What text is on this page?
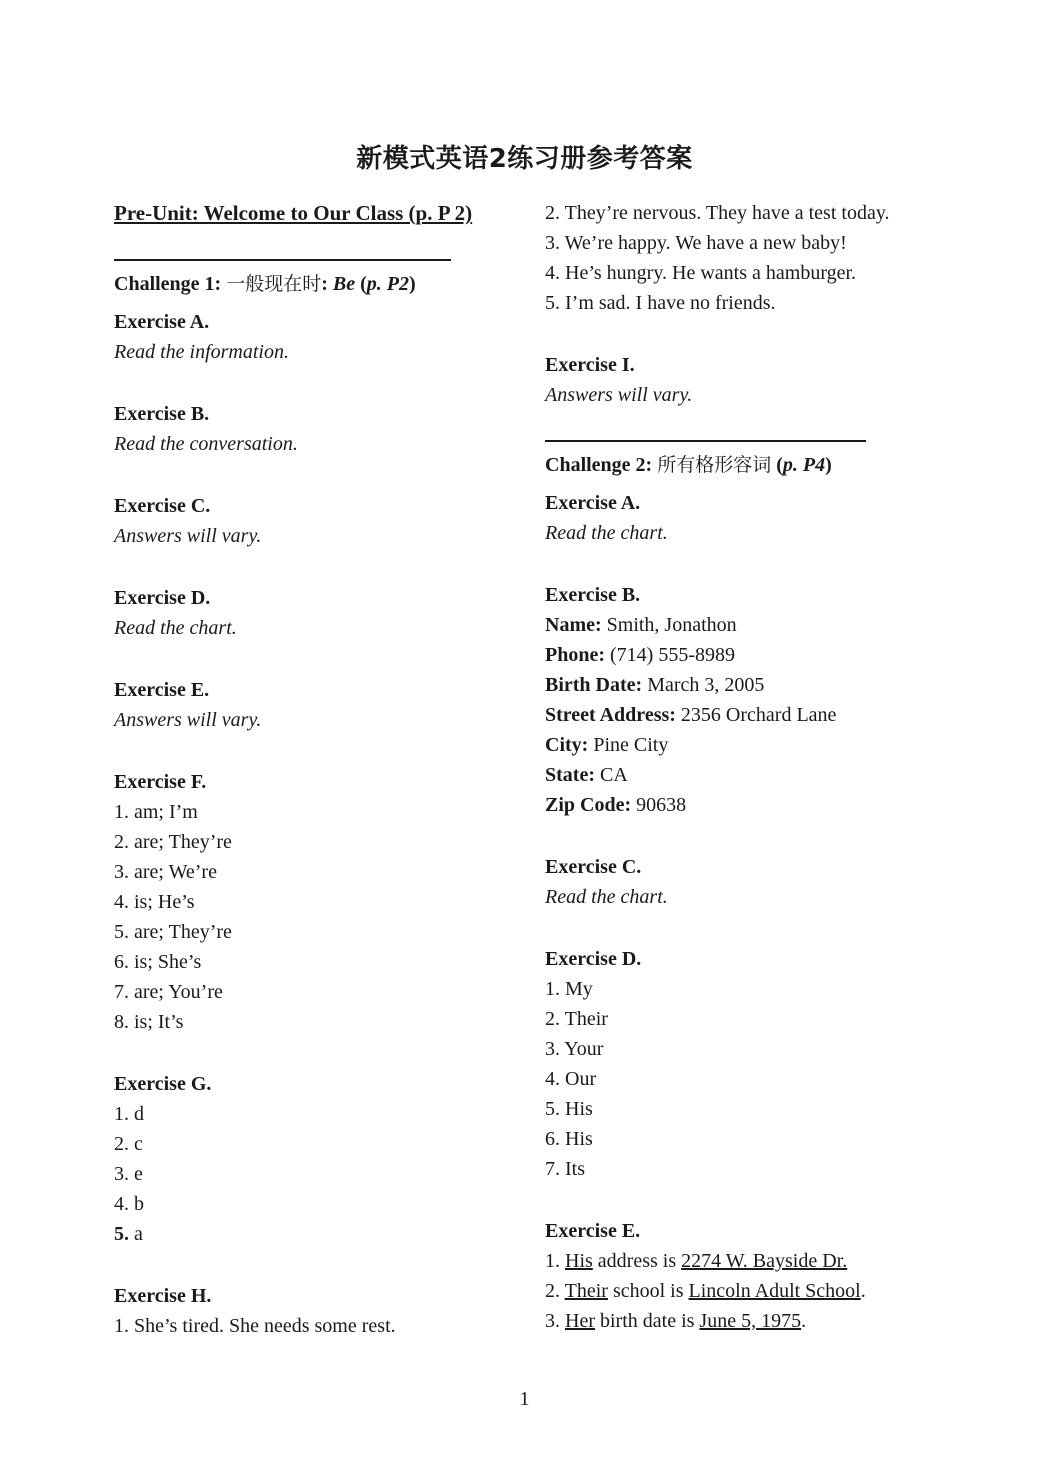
新模式英语2练习册参考答案
Pre-Unit: Welcome to Our Class (p. P 2)
Challenge 1: 一般现在时: Be (p. P2)
Exercise A.
Read the information.
Exercise B.
Read the conversation.
Exercise C.
Answers will vary.
Exercise D.
Read the chart.
Exercise E.
Answers will vary.
Exercise F.
1. am; I’m
2. are; They’re
3. are; We’re
4. is; He’s
5. are; They’re
6. is; She’s
7. are; You’re
8. is; It’s
Exercise G.
1. d
2. c
3. e
4. b
5. a
Exercise H.
1. She’s tired. She needs some rest.
2. They’re nervous. They have a test today.
3. We’re happy. We have a new baby!
4. He’s hungry. He wants a hamburger.
5. I’m sad. I have no friends.
Exercise I.
Answers will vary.
Challenge 2: 所有格形容词 (p. P4)
Exercise A.
Read the chart.
Exercise B.
Name: Smith, Jonathon
Phone: (714) 555-8989
Birth Date: March 3, 2005
Street Address: 2356 Orchard Lane
City: Pine City
State: CA
Zip Code: 90638
Exercise C.
Read the chart.
Exercise D.
1. My
2. Their
3. Your
4. Our
5. His
6. His
7. Its
Exercise E.
1. His address is 2274 W. Bayside Dr.
2. Their school is Lincoln Adult School.
3. Her birth date is June 5, 1975.
1
